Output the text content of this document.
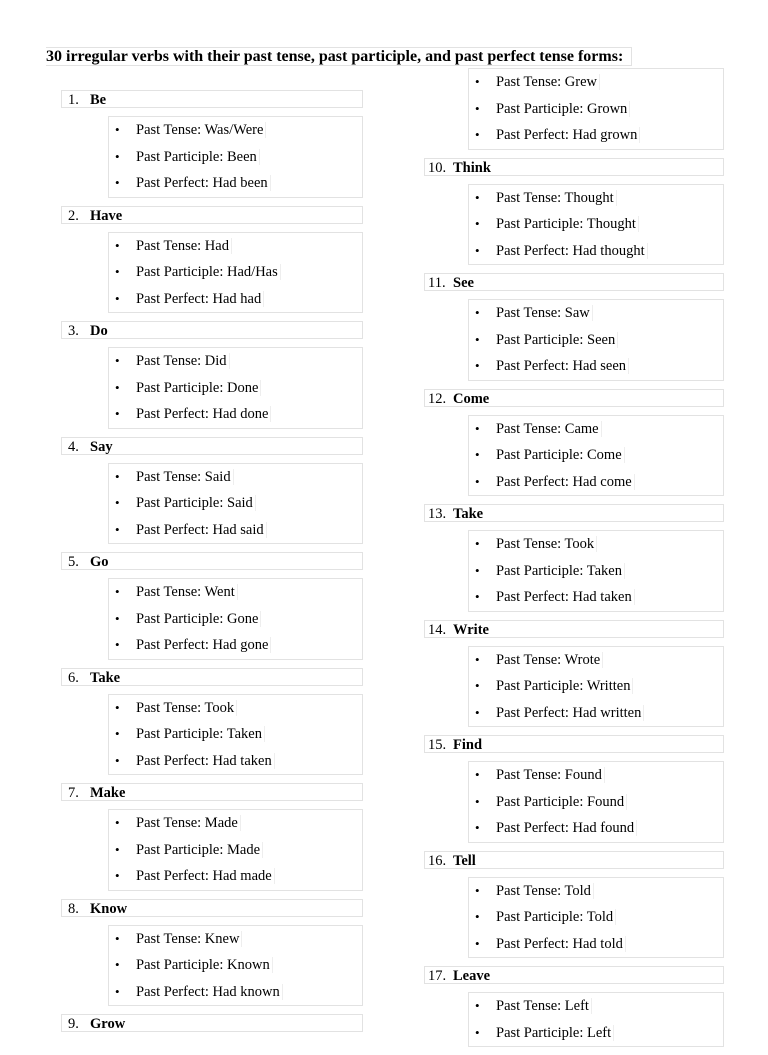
30 irregular verbs with their past tense, past participle, and past perfect tense forms:
1. Be
• Past Tense: Was/Were
• Past Participle: Been
• Past Perfect: Had been
2. Have
• Past Tense: Had
• Past Participle: Had/Has
• Past Perfect: Had had
3. Do
• Past Tense: Did
• Past Participle: Done
• Past Perfect: Had done
4. Say
• Past Tense: Said
• Past Participle: Said
• Past Perfect: Had said
5. Go
• Past Tense: Went
• Past Participle: Gone
• Past Perfect: Had gone
6. Take
• Past Tense: Took
• Past Participle: Taken
• Past Perfect: Had taken
7. Make
• Past Tense: Made
• Past Participle: Made
• Past Perfect: Had made
8. Know
• Past Tense: Knew
• Past Participle: Known
• Past Perfect: Had known
9. Grow
• Past Tense: Grew
• Past Participle: Grown
• Past Perfect: Had grown
10. Think
• Past Tense: Thought
• Past Participle: Thought
• Past Perfect: Had thought
11. See
• Past Tense: Saw
• Past Participle: Seen
• Past Perfect: Had seen
12. Come
• Past Tense: Came
• Past Participle: Come
• Past Perfect: Had come
13. Take
• Past Tense: Took
• Past Participle: Taken
• Past Perfect: Had taken
14. Write
• Past Tense: Wrote
• Past Participle: Written
• Past Perfect: Had written
15. Find
• Past Tense: Found
• Past Participle: Found
• Past Perfect: Had found
16. Tell
• Past Tense: Told
• Past Participle: Told
• Past Perfect: Had told
17. Leave
• Past Tense: Left
• Past Participle: Left
